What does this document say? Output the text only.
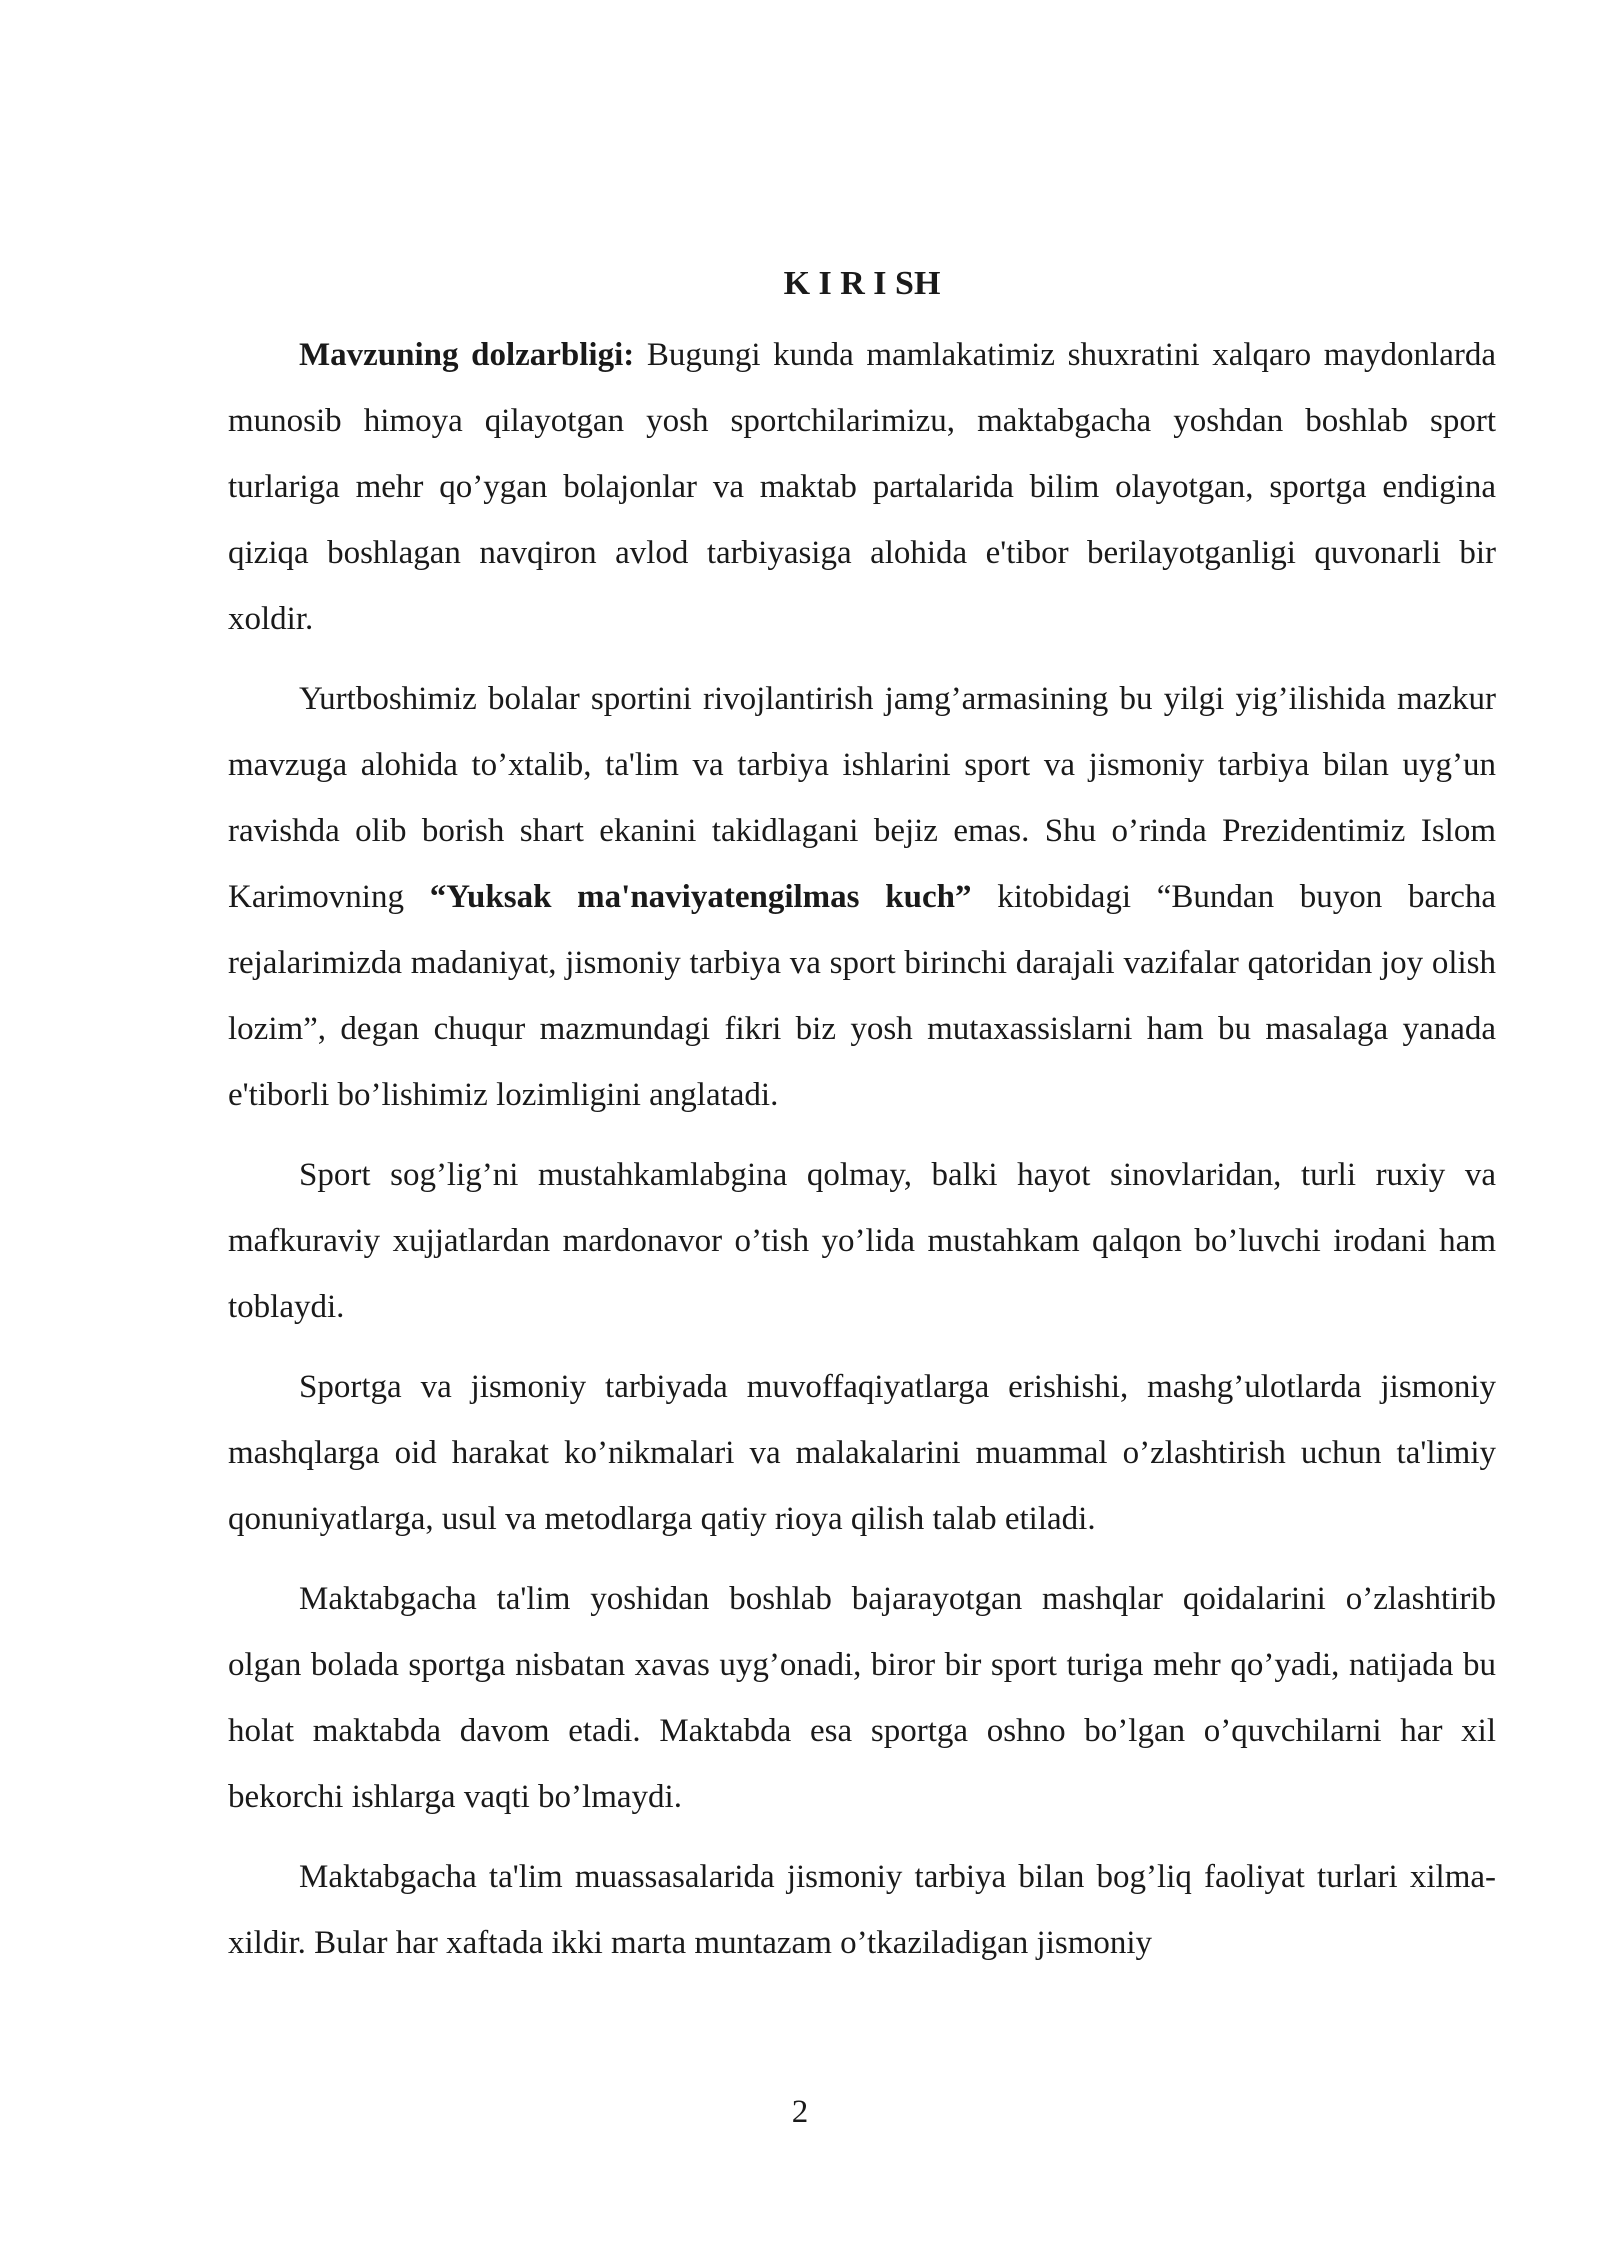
K I R I SH

Mavzuning dolzarbligi: Bugungi kunda mamlakatimiz shuxratini xalqaro maydonlarda munosib himoya qilayotgan yosh sportchilarimizu, maktabgacha yoshdan boshlab sport turlariga mehr qo’ygan bolajonlar va maktab partalarida bilim olayotgan, sportga endigina qiziqa boshlagan navqiron avlod tarbiyasiga alohida e'tibor berilayotganligi quvonarli bir xoldir.

Yurtboshimiz bolalar sportini rivojlantirish jamg’armasining bu yilgi yig’ilishida mazkur mavzuga alohida to’xtalib, ta'lim va tarbiya ishlarini sport va jismoniy tarbiya bilan uyg’un ravishda olib borish shart ekanini takidlagani bejiz emas. Shu o’rinda Prezidentimiz Islom Karimovning “Yuksak ma'naviyatengilmas kuch” kitobidagi “Bundan buyon barcha rejalarimizda madaniyat, jismoniy tarbiya va sport birinchi darajali vazifalar qatoridan joy olish lozim”, degan chuqur mazmundagi fikri biz yosh mutaxassislarni ham bu masalaga yanada e'tiborli bo’lishimiz lozimligini anglatadi.

Sport sog’lig’ni mustahkamlabgina qolmay, balki hayot sinovlaridan, turli ruxiy va mafkuraviy xujjatlardan mardonavor o’tish yo’lida mustahkam qalqon bo’luvchi irodani ham toblaydi.

Sportga va jismoniy tarbiyada muvoffaqiyatlarga erishishi, mashg’ulotlarda jismoniy mashqlarga oid harakat ko’nikmalari va malakalarini muammal o’zlashtirish uchun ta'limiy qonuniyatlarga, usul va metodlarga qatiy rioya qilish talab etiladi.

Maktabgacha ta'lim yoshidan boshlab bajarayotgan mashqlar qoidalarini o’zlashtirib olgan bolada sportga nisbatan xavas uyg’onadi, biror bir sport turiga mehr qo’yadi, natijada bu holat maktabda davom etadi. Maktabda esa sportga oshno bo’lgan o’quvchilarni har xil bekorchi ishlarga vaqti bo’lmaydi.

Maktabgacha ta'lim muassasalarida jismoniy tarbiya bilan bog’liq faoliyat turlari xilma-xildir. Bular har xaftada ikki marta muntazam o’tkaziladigan jismoniy

2
